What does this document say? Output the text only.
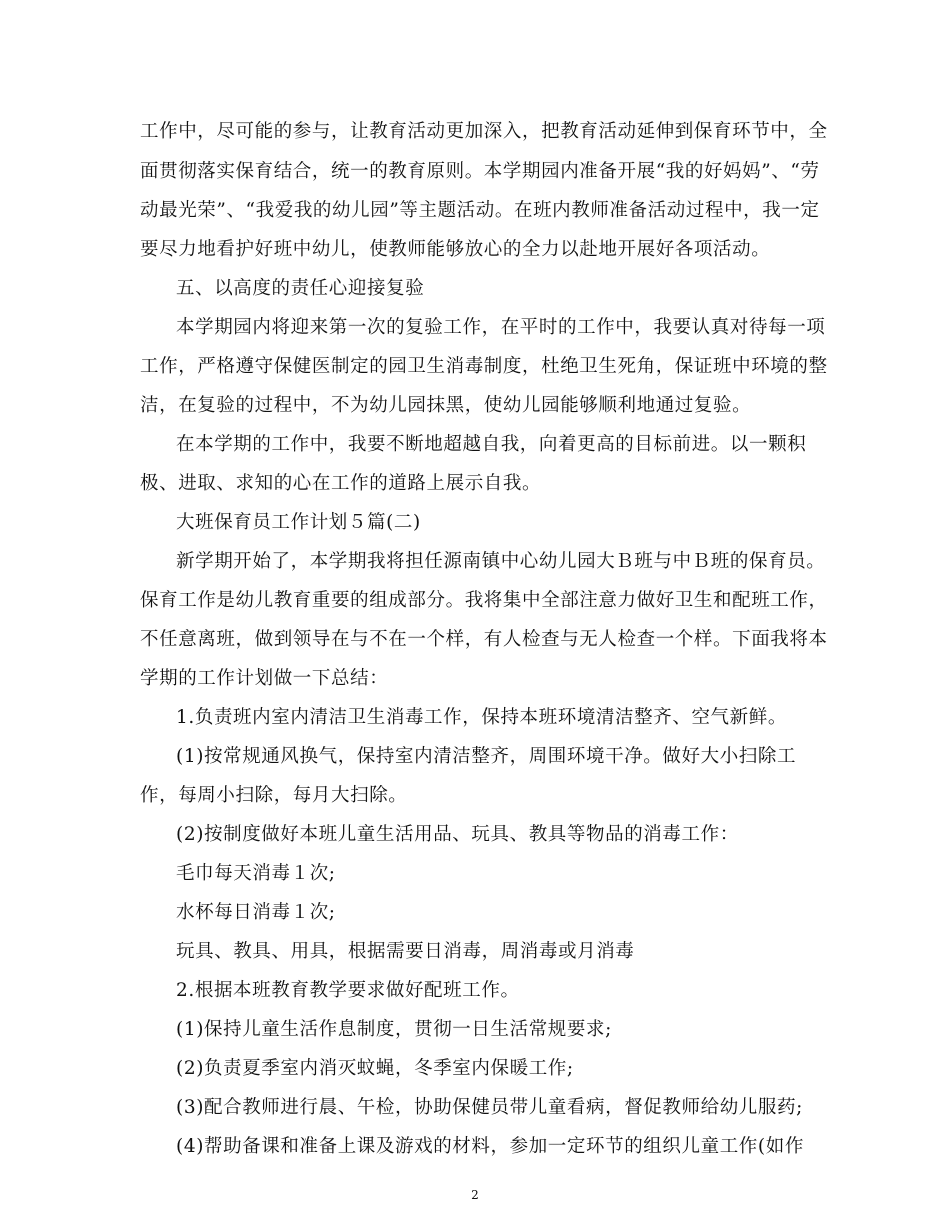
工作中，尽可能的参与，让教育活动更加深入，把教育活动延伸到保育环节中，全
面贯彻落实保育结合，统一的教育原则。本学期园内准备开展“我的好妈妈”、“劳
动最光荣”、“我爱我的幼儿园”等主题活动。在班内教师准备活动过程中，我一定
要尽力地看护好班中幼儿，使教师能够放心的全力以赴地开展好各项活动。
五、以高度的责任心迎接复验
本学期园内将迎来第一次的复验工作，在平时的工作中，我要认真对待每一项
工作，严格遵守保健医制定的园卫生消毒制度，杜绝卫生死角，保证班中环境的整
洁，在复验的过程中，不为幼儿园抹黑，使幼儿园能够顺利地通过复验。
在本学期的工作中，我要不断地超越自我，向着更高的目标前进。以一颗积
极、进取、求知的心在工作的道路上展示自我。
大班保育员工作计划５篇(二)
新学期开始了，本学期我将担任源南镇中心幼儿园大Ｂ班与中Ｂ班的保育员。
保育工作是幼儿教育重要的组成部分。我将集中全部注意力做好卫生和配班工作，
不任意离班，做到领导在与不在一个样，有人检查与无人检查一个样。下面我将本
学期的工作计划做一下总结：
1.负责班内室内清洁卫生消毒工作，保持本班环境清洁整齐、空气新鲜。
(1)按常规通风换气，保持室内清洁整齐，周围环境干净。做好大小扫除工
作，每周小扫除，每月大扫除。
(2)按制度做好本班儿童生活用品、玩具、教具等物品的消毒工作：
毛巾每天消毒１次;
水杯每日消毒１次;
玩具、教具、用具，根据需要日消毒，周消毒或月消毒
2.根据本班教育教学要求做好配班工作。
(1)保持儿童生活作息制度，贯彻一日生活常规要求;
(2)负责夏季室内消灭蚊蝇，冬季室内保暖工作;
(3)配合教师进行晨、午检，协助保健员带儿童看病，督促教师给幼儿服药;
(4)帮助备课和准备上课及游戏的材料，参加一定环节的组织儿童工作(如作
2
